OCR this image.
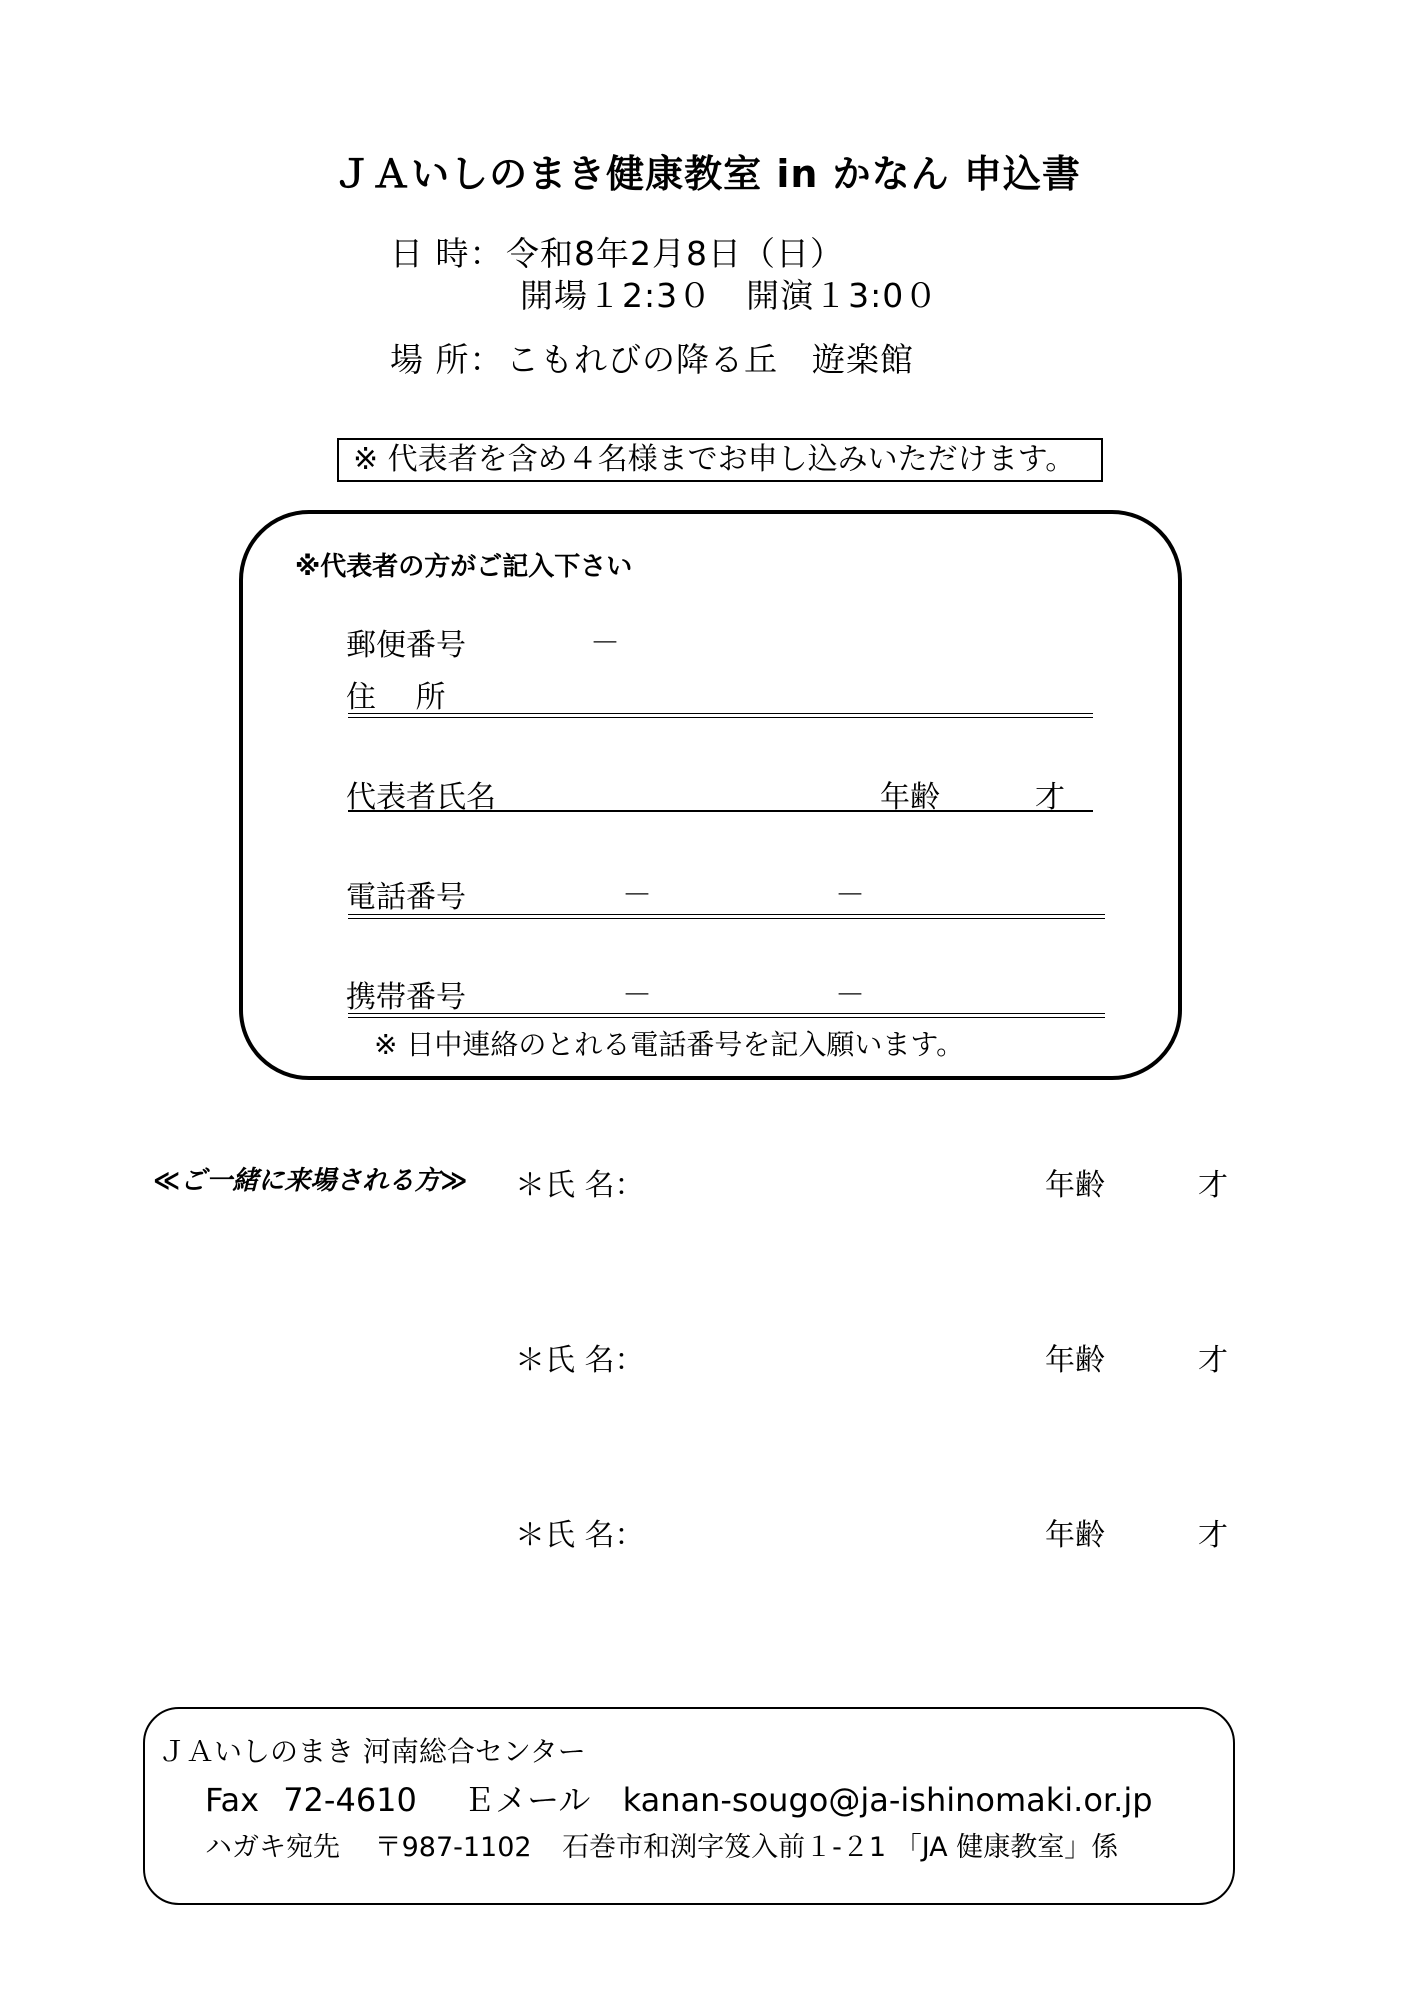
ＪＡいしのまき健康教室 in かなん 申込書
日 時： 令和8年2月8日（日）
開場１2:3０　開演１3:0０
場 所： こもれびの降る丘　遊楽館
※ 代表者を含め４名様までお申し込みいただけます。
※代表者の方がご記入下さい
郵便番号	－
住　 所
代表者氏名	年齢	才
電話番号	－	－
携帯番号	－	－
※ 日中連絡のとれる電話番号を記入願います。
≪ご一緒に来場される方≫ ＊氏 名：	年齢	才
＊氏 名：	年齢	才
＊氏 名：	年齢	才
ＪＡいしのまき 河南総合センター
Fax 72-4610 Ｅメール kanan-sougo@ja-ishinomaki.or.jp
ハガキ宛先 〒987-1102 石巻市和渕字笈入前１-２1 「JA 健康教室」係
